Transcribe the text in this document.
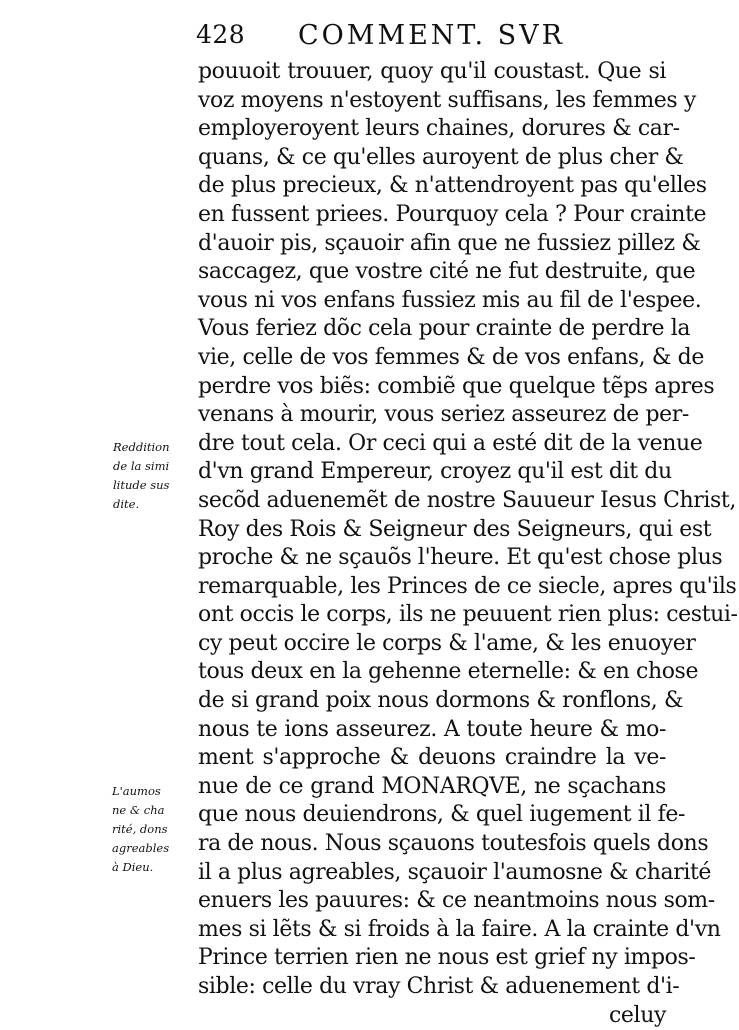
428 COMMENT. SVR
pouuoit trouuer, quoy qu'il coustast. Que si
voz moyens n'estoyent suffisans, les femmes y
employeroyent leurs chaines, dorures & car-
quans, & ce qu'elles auroyent de plus cher &
de plus precieux, & n'attendroyent pas qu'elles
en fussent priees. Pourquoy cela ? Pour crainte
d'auoir pis, sçauoir afin que ne fussiez pillez &
saccagez, que vostre cité ne fut destruite, que
vous ni vos enfans fussiez mis au fil de l'espee.
Vous feriez dõc cela pour crainte de perdre la
vie, celle de vos femmes & de vos enfans, & de
perdre vos biẽs: combiẽ que quelque tẽps apres
venans à mourir, vous seriez asseurez de per-
dre tout cela. Or ceci qui a esté dit de la venue
d'vn grand Empereur, croyez qu'il est dit du
secõd aduenemẽt de nostre Sauueur Iesus Christ,
Roy des Rois & Seigneur des Seigneurs, qui est
proche & ne sçauõs l'heure. Et qu'est chose plus
remarquable, les Princes de ce siecle, apres qu'ils
ont occis le corps, ils ne peuuent rien plus: cestui-
cy peut occire le corps & l'ame, & les enuoyer
tous deux en la gehenne eternelle: & en chose
de si grand poix nous dormons & ronflons, &
nous te ions asseurez. A toute heure & mo-
ment s'approche & deuons craindre la ve-
nue de ce grand MONARQVE, ne sçachans
que nous deuiendrons, & quel iugement il fe-
ra de nous. Nous sçauons toutesfois quels dons
il a plus agreables, sçauoir l'aumosne & charité
enuers les pauures: & ce neantmoins nous som-
mes si lẽts & si froids à la faire. A la crainte d'vn
Prince terrien rien ne nous est grief ny impos-
sible: celle du vray Christ & aduenement d'i-
celuy
Reddition
de la simi
litude sus
dite.
L'aumos
ne & cha
rité, dons
agreables
à Dieu.
